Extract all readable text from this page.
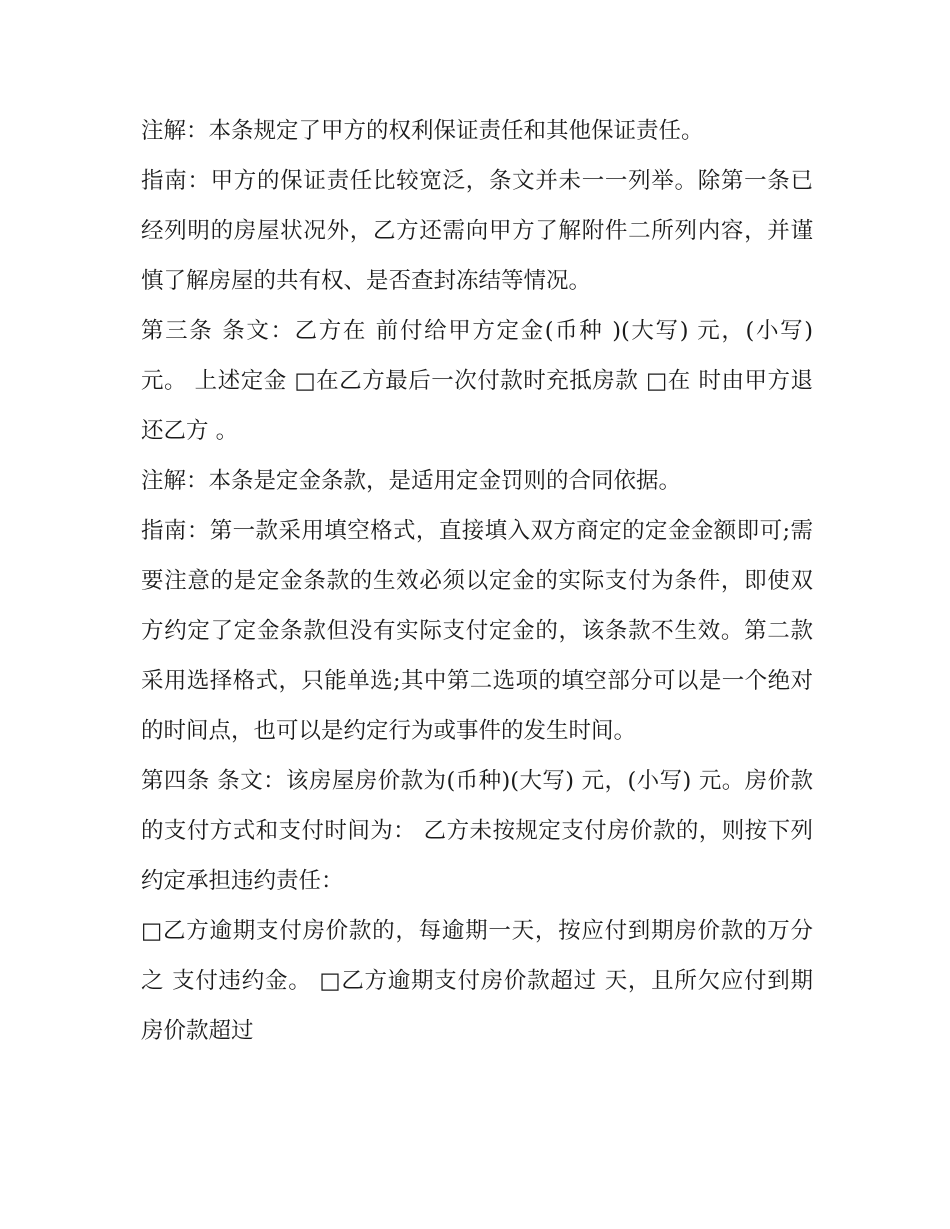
注解：本条规定了甲方的权利保证责任和其他保证责任。

指南：甲方的保证责任比较宽泛，条文并未一一列举。除第一条已经列明的房屋状况外，乙方还需向甲方了解附件二所列内容，并谨慎了解房屋的共有权、是否查封冻结等情况。

第三条 条文：乙方在 前付给甲方定金(币种 )(大写) 元，(小写) 元。 上述定金 □在乙方最后一次付款时充抵房款 □在 时由甲方退还乙方 。

注解：本条是定金条款，是适用定金罚则的合同依据。

指南：第一款采用填空格式，直接填入双方商定的定金金额即可;需要注意的是定金条款的生效必须以定金的实际支付为条件，即使双方约定了定金条款但没有实际支付定金的，该条款不生效。第二款采用选择格式，只能单选;其中第二选项的填空部分可以是一个绝对的时间点，也可以是约定行为或事件的发生时间。

第四条 条文：该房屋房价款为(币种)(大写) 元，(小写) 元。房价款的支付方式和支付时间为： 乙方未按规定支付房价款的，则按下列约定承担违约责任：

□乙方逾期支付房价款的，每逾期一天，按应付到期房价款的万分之 支付违约金。 □乙方逾期支付房价款超过 天，且所欠应付到期房价款超过
